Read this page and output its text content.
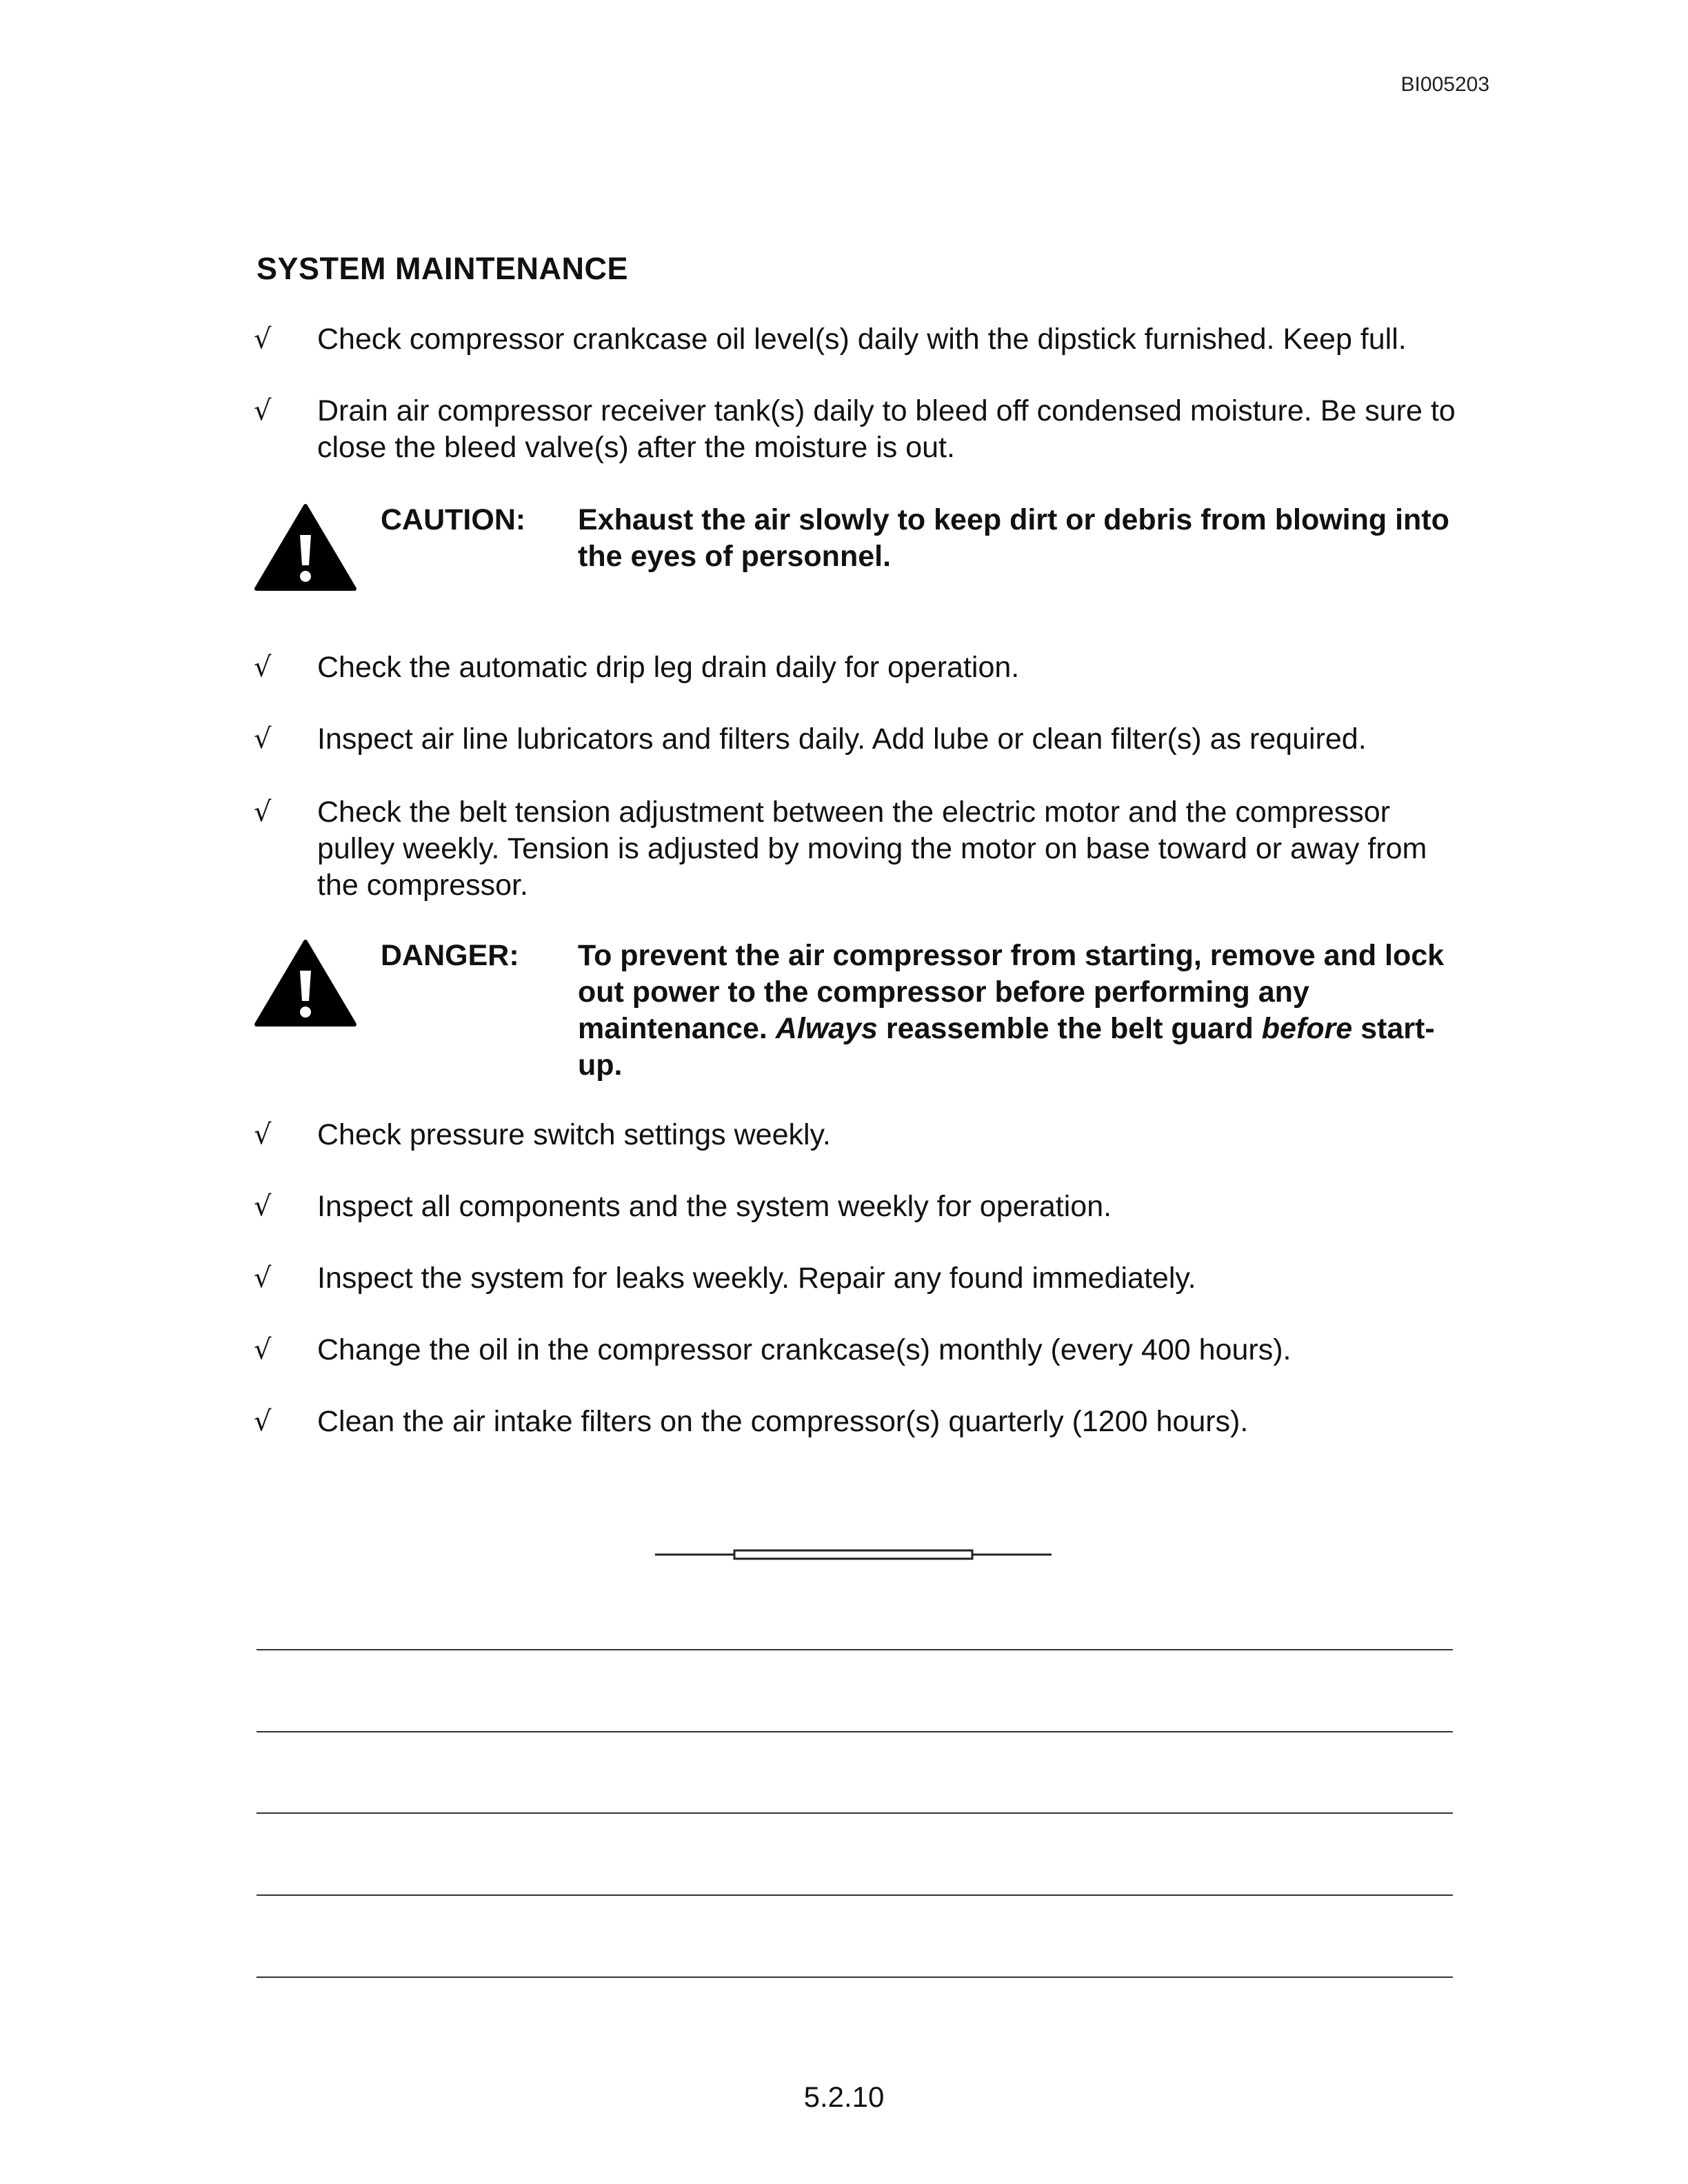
BI005203
SYSTEM MAINTENANCE
√	Check compressor crankcase oil level(s) daily with the dipstick furnished. Keep full.
√	Drain air compressor receiver tank(s) daily to bleed off condensed moisture. Be sure to close the bleed valve(s) after the moisture is out.
CAUTION: Exhaust the air slowly to keep dirt or debris from blowing into the eyes of personnel.
√	Check the automatic drip leg drain daily for operation.
√	Inspect air line lubricators and filters daily. Add lube or clean filter(s) as required.
√	Check the belt tension adjustment between the electric motor and the compressor pulley weekly. Tension is adjusted by moving the motor on base toward or away from the compressor.
DANGER: To prevent the air compressor from starting, remove and lock out power to the compressor before performing any maintenance. Always reassemble the belt guard before start-up.
√	Check pressure switch settings weekly.
√	Inspect all components and the system weekly for operation.
√	Inspect the system for leaks weekly. Repair any found immediately.
√	Change the oil in the compressor crankcase(s) monthly (every 400 hours).
√	Clean the air intake filters on the compressor(s) quarterly (1200 hours).
5.2.10
